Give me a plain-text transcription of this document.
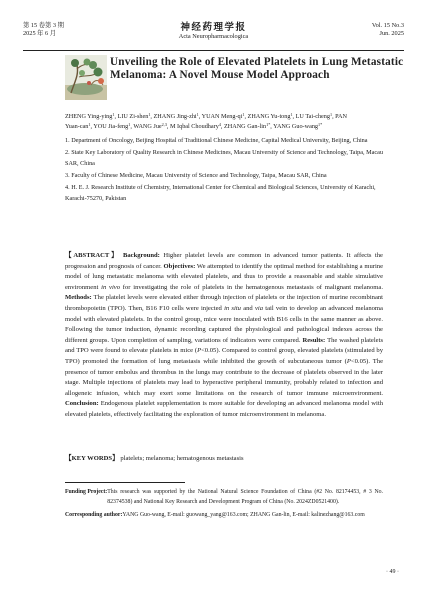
第 15 卷第 3 期
2025 年 6 月
神经药理学报
Acta Neuropharmacologica
Vol. 15 No.3
Jun. 2025
Unveiling the Role of Elevated Platelets in Lung Metastatic Melanoma: A Novel Mouse Model Approach
ZHENG Ying-ying$^1$, LIU Zi-shen$^1$, ZHANG Jing-zhi$^1$, YUAN Meng-$qi^1$, ZHANG Yu-tong$^1$, LU Tai-cheng$^1$, PAN
Yuan-can$^1$, YOU Jia-feng$^1$, WANG Jue$^{2,3}$, M Iqbal Choudhary$^4$, ZHANG Gan-lin$^{1*}$, YANG Guo-wang$^{1*}$
1. Department of Oncology, Beijing Hospital of Traditional Chinese Medicine, Capital Medical University, Beijing, China
2. State Key Laboratory of Quality Research in Chinese Medicines, Macau University of Science and Technology, Taipa, Macau SAR, China
3. Faculty of Chinese Medicine, Macau University of Science and Technology, Taipa, Macau SAR, China
4. H. E. J. Research Institute of Chemistry, International Center for Chemical and Biological Sciences, University of Karachi, Karachi-75270, Pakistan
【ABSTRACT】 Background: Higher platelet levels are common in advanced tumor patients. It affects the progression and prognosis of cancer. Objectives: We attempted to identify the optimal method for establishing a murine model of lung metastatic melanoma with elevated platelets, and thus to provide a reasonable and stable simulative environment in vivo for investigating the role of platelets in the hematogenous metastasis of malignant melanoma. Methods: The platelet levels were elevated either through injection of platelets or the injection of murine recombinant thrombopoietin (TPO). Then, B16 F10 cells were injected in situ and via tail vein to develop an advanced melanoma model with elevated platelets. In the control group, mice were inoculated with B16 cells in the same manner as above. Following the tumor induction, dynamic recording captured the physiological and pathological indexes across the different groups. Upon completion of sampling, variations of indicators were compared. Results: The washed platelets and TPO were found to elevate platelets in mice (P<0.05). Compared to control group, elevated platelets (stimulated by TPO) promoted the formation of lung metastasis while inhibited the growth of subcutaneous tumor (P<0.05). The presence of tumor embolus and thrombus in the lungs may contribute to the decrease of platelets observed in the later stage. Multiple injections of platelets may lead to hyperactive peripheral immunity, probably related to infection and allogeneic infusion, which may exert some limitations on the research of tumor immune microenvironment. Conclusion: Endogenous platelet supplementation is more suitable for developing an advanced melanoma model with elevated platelets, effectively facilitating the exploration of tumor microenvironment in melanoma.
【KEY WORDS】 platelets; melanoma; hematogenous metastasis
Funding Project: This research was supported by the National Natural Science Foundation of China (#2 No. 82174453, # 3 No. 82374538) and National Key Research and Development Program of China (No. 2024ZD0521400).
Corresponding author: YANG Guo-wang, E-mail: guowang_yang@163.com; ZHANG Gan-lin, E-mail: kalinezhang@163.com
· 49 ·
